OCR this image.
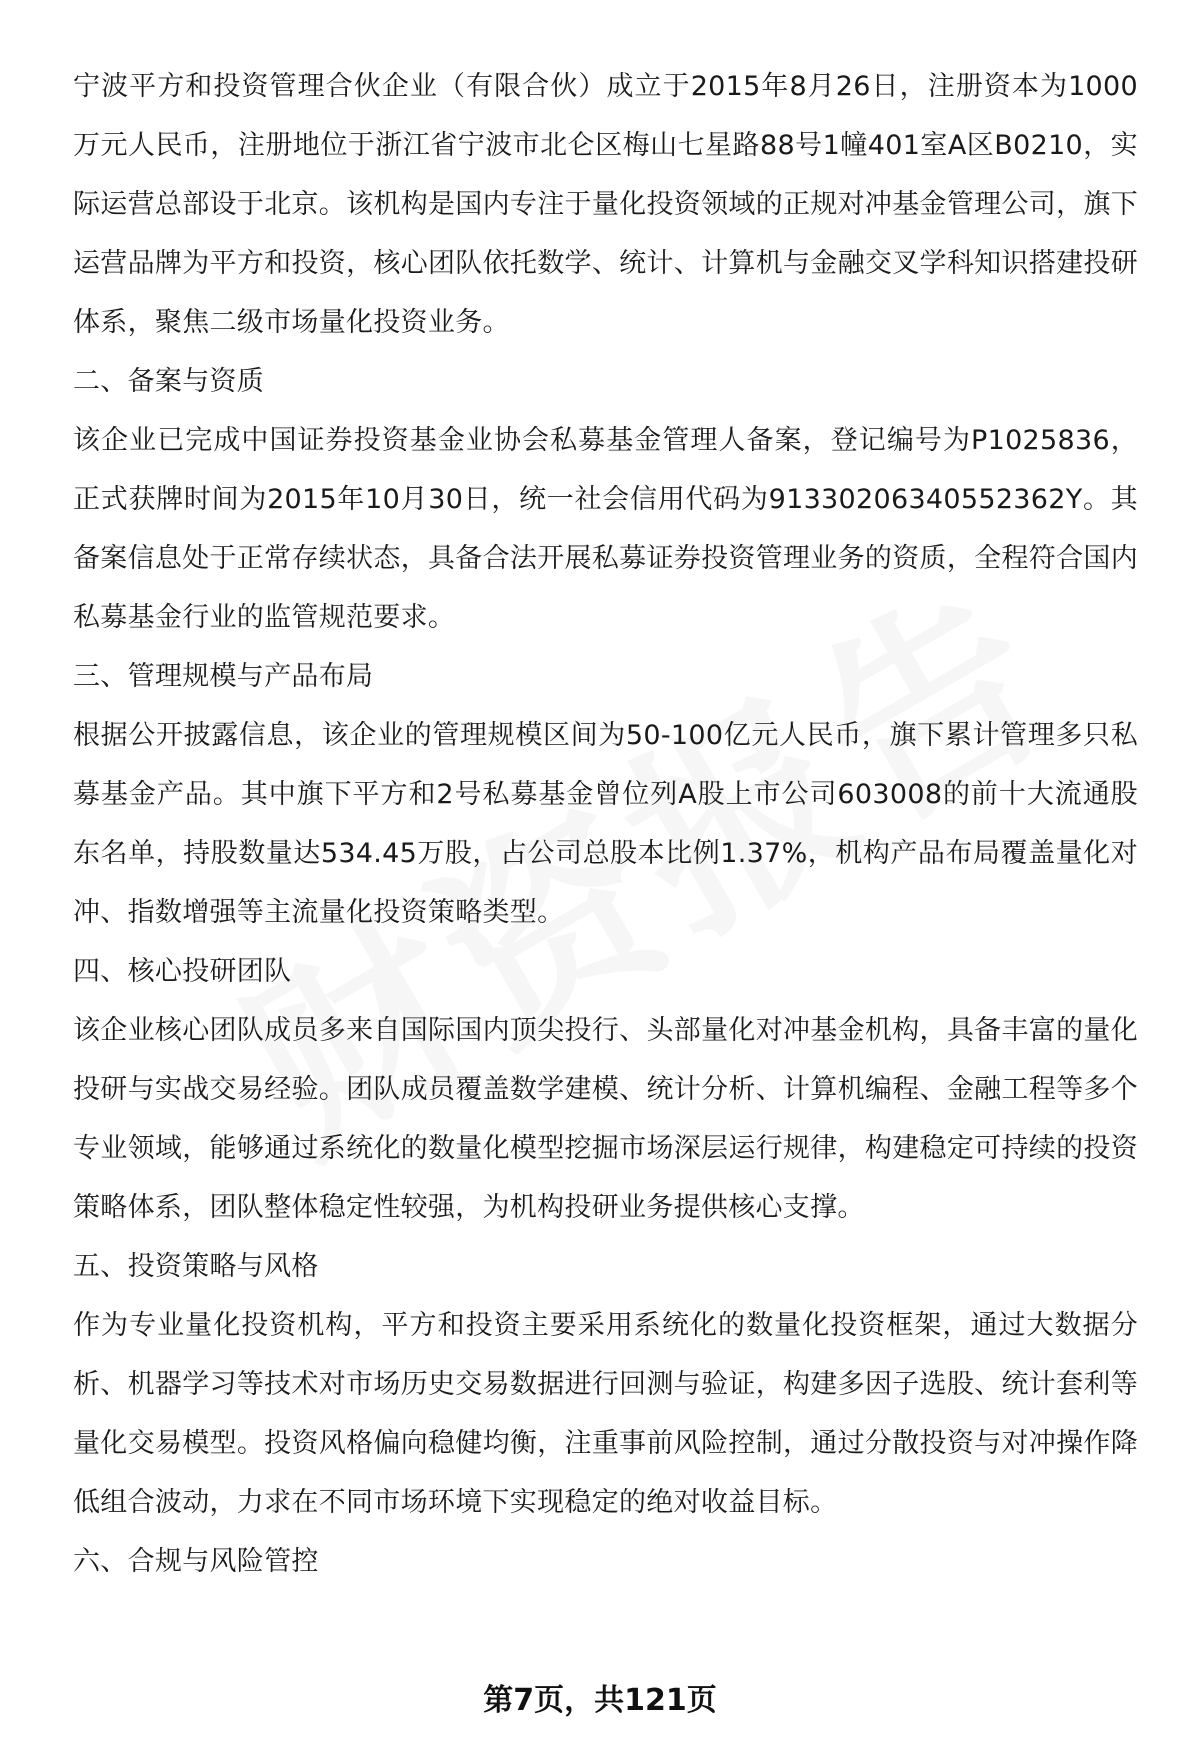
宁波平方和投资管理合伙企业（有限合伙）成立于2015年8月26日，注册资本为1000万元人民币，注册地位于浙江省宁波市北仑区梅山七星路88号1幢401室A区B0210，实际运营总部设于北京。该机构是国内专注于量化投资领域的正规对冲基金管理公司，旗下运营品牌为平方和投资，核心团队依托数学、统计、计算机与金融交叉学科知识搭建投研体系，聚焦二级市场量化投资业务。

二、备案与资质

该企业已完成中国证券投资基金业协会私募基金管理人备案，登记编号为P1025836，正式获牌时间为2015年10月30日，统一社会信用代码为91330206340552362Y。其备案信息处于正常存续状态，具备合法开展私募证券投资管理业务的资质，全程符合国内私募基金行业的监管规范要求。

三、管理规模与产品布局

根据公开披露信息，该企业的管理规模区间为50-100亿元人民币，旗下累计管理多只私募基金产品。其中旗下平方和2号私募基金曾位列A股上市公司603008的前十大流通股东名单，持股数量达534.45万股，占公司总股本比例1.37%，机构产品布局覆盖量化对冲、指数增强等主流量化投资策略类型。

四、核心投研团队

该企业核心团队成员多来自国际国内顶尖投行、头部量化对冲基金机构，具备丰富的量化投研与实战交易经验。团队成员覆盖数学建模、统计分析、计算机编程、金融工程等多个专业领域，能够通过系统化的数量化模型挖掘市场深层运行规律，构建稳定可持续的投资策略体系，团队整体稳定性较强，为机构投研业务提供核心支撑。

五、投资策略与风格

作为专业量化投资机构，平方和投资主要采用系统化的数量化投资框架，通过大数据分析、机器学习等技术对市场历史交易数据进行回测与验证，构建多因子选股、统计套利等量化交易模型。投资风格偏向稳健均衡，注重事前风险控制，通过分散投资与对冲操作降低组合波动，力求在不同市场环境下实现稳定的绝对收益目标。

六、合规与风险管控

第7页，共121页
